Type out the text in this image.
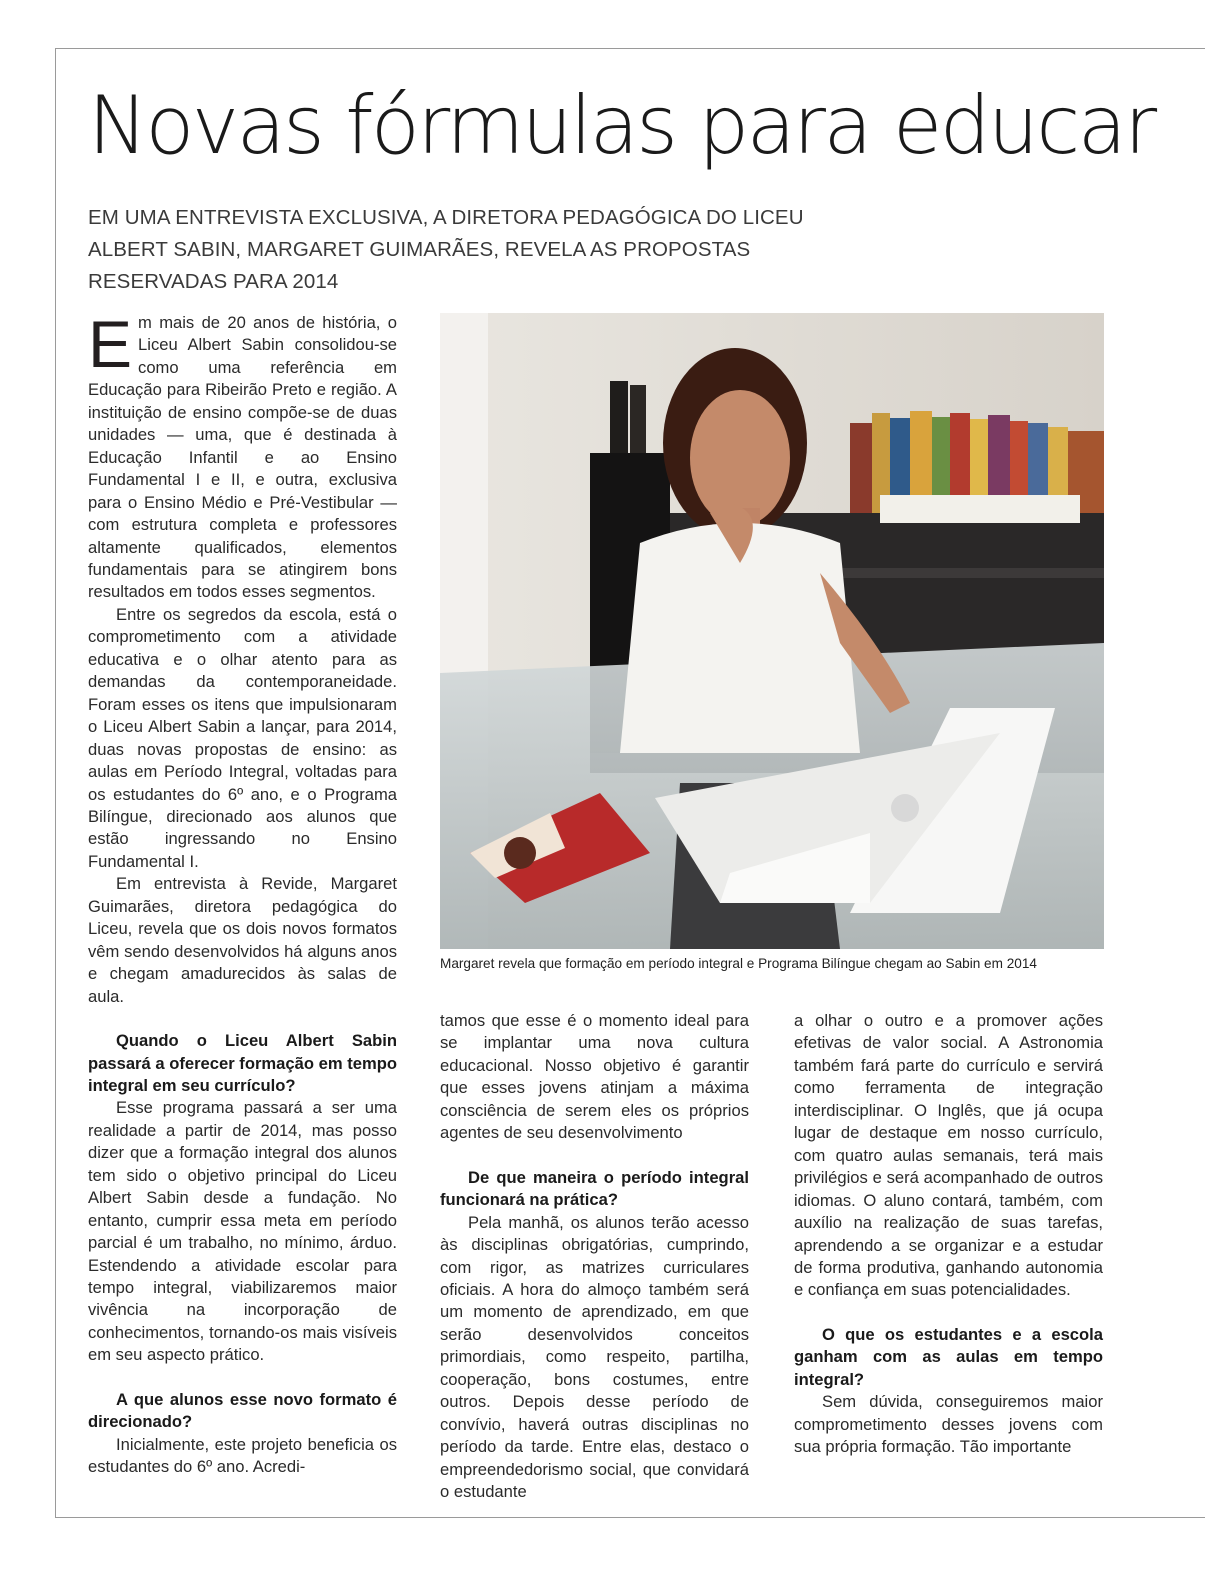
Novas fórmulas para educar
EM UMA ENTREVISTA EXCLUSIVA, A DIRETORA PEDAGÓGICA DO LICEU ALBERT SABIN, MARGARET GUIMARÃES, REVELA AS PROPOSTAS RESERVADAS PARA 2014

Em mais de 20 anos de história, o Liceu Albert Sabin consolidou-se como uma referência em Educação para Ribeirão Preto e região. A instituição de ensino compõe-se de duas unidades — uma, que é destinada à Educação Infantil e ao Ensino Fundamental I e II, e outra, exclusiva para o Ensino Médio e Pré-Vestibular — com estrutura completa e professores altamente qualificados, elementos fundamentais para se atingirem bons resultados em todos esses segmentos.

Entre os segredos da escola, está o comprometimento com a atividade educativa e o olhar atento para as demandas da contemporaneidade. Foram esses os itens que impulsionaram o Liceu Albert Sabin a lançar, para 2014, duas novas propostas de ensino: as aulas em Período Integral, voltadas para os estudantes do 6º ano, e o Programa Bilíngue, direcionado aos alunos que estão ingressando no Ensino Fundamental I.

Em entrevista à Revide, Margaret Guimarães, diretora pedagógica do Liceu, revela que os dois novos formatos vêm sendo desenvolvidos há alguns anos e chegam amadurecidos às salas de aula.

Quando o Liceu Albert Sabin passará a oferecer formação em tempo integral em seu currículo?

Esse programa passará a ser uma realidade a partir de 2014, mas posso dizer que a formação integral dos alunos tem sido o objetivo principal do Liceu Albert Sabin desde a fundação. No entanto, cumprir essa meta em período parcial é um trabalho, no mínimo, árduo. Estendendo a atividade escolar para tempo integral, viabilizaremos maior vivência na incorporação de conhecimentos, tornando-os mais visíveis em seu aspecto prático.

A que alunos esse novo formato é direcionado?

Inicialmente, este projeto beneficia os estudantes do 6º ano. Acredi-

Margaret revela que formação em período integral e Programa Bilíngue chegam ao Sabin em 2014

tamos que esse é o momento ideal para se implantar uma nova cultura educacional. Nosso objetivo é garantir que esses jovens atinjam a máxima consciência de serem eles os próprios agentes de seu desenvolvimento

De que maneira o período integral funcionará na prática?

Pela manhã, os alunos terão acesso às disciplinas obrigatórias, cumprindo, com rigor, as matrizes curriculares oficiais. A hora do almoço também será um momento de aprendizado, em que serão desenvolvidos conceitos primordiais, como respeito, partilha, cooperação, bons costumes, entre outros. Depois desse período de convívio, haverá outras disciplinas no período da tarde. Entre elas, destaco o empreendedorismo social, que convidará o estudante

a olhar o outro e a promover ações efetivas de valor social. A Astronomia também fará parte do currículo e servirá como ferramenta de integração interdisciplinar. O Inglês, que já ocupa lugar de destaque em nosso currículo, com quatro aulas semanais, terá mais privilégios e será acompanhado de outros idiomas. O aluno contará, também, com auxílio na realização de suas tarefas, aprendendo a se organizar e a estudar de forma produtiva, ganhando autonomia e confiança em suas potencialidades.

O que os estudantes e a escola ganham com as aulas em tempo integral?

Sem dúvida, conseguiremos maior comprometimento desses jovens com sua própria formação. Tão importante
